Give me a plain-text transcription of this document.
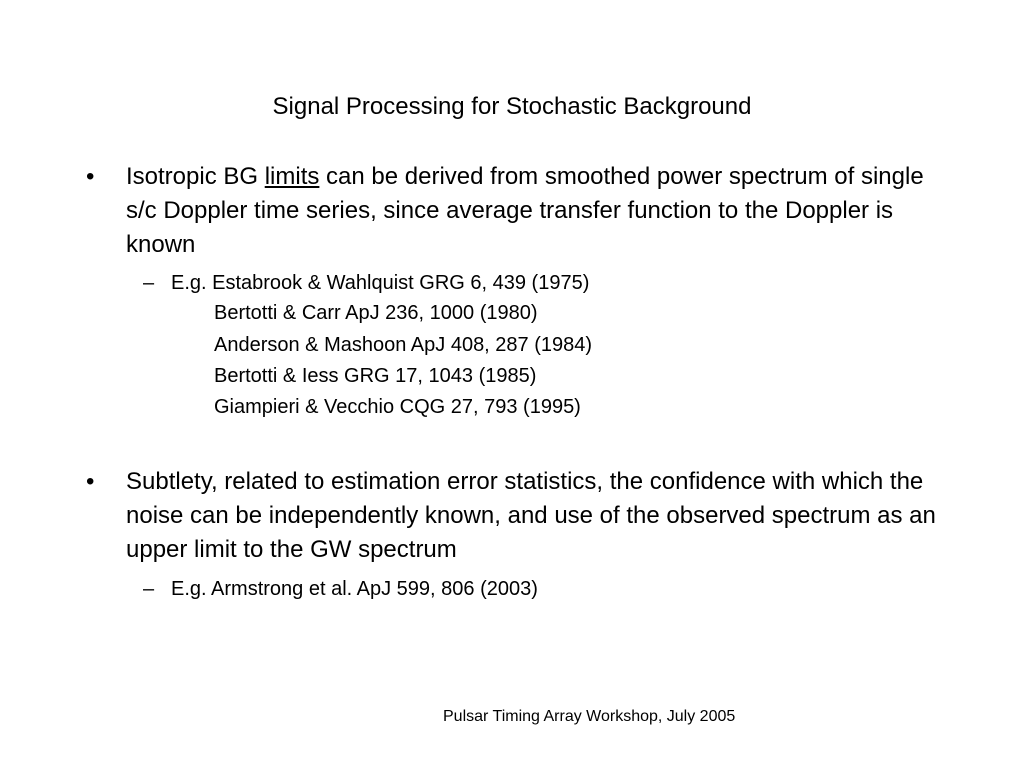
Signal Processing for Stochastic Background
•	Isotropic BG limits can be derived from smoothed power spectrum of single s/c Doppler time series, since average transfer function to the Doppler is known
– E.g. Estabrook & Wahlquist GRG 6, 439 (1975)
Bertotti & Carr ApJ 236, 1000 (1980)
Anderson & Mashoon ApJ 408, 287 (1984)
Bertotti & Iess GRG 17, 1043 (1985)
Giampieri & Vecchio CQG 27, 793 (1995)
•	Subtlety, related to estimation error statistics, the confidence with which the noise can be independently known, and use of the observed spectrum as an upper limit to the GW spectrum
– E.g. Armstrong et al. ApJ 599, 806 (2003)
Pulsar Timing Array Workshop, July 2005
